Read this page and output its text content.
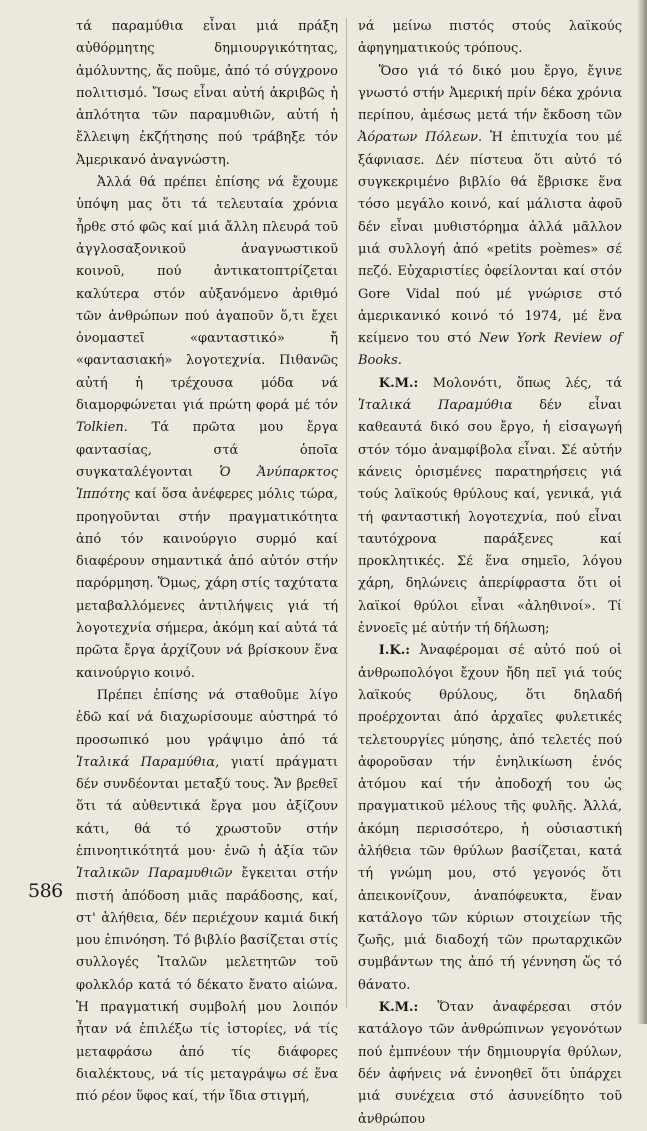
τά παραμύθια εἶναι μιά πράξη αὐθόρμητης δημιουργικότητας, ἀμόλυντης, ἄς ποῦμε, ἀπό τό σύγχρονο πολιτισμό. Ἴσως εἶναι αὐτή ἀκριβῶς ἡ ἁπλότητα τῶν παραμυθιῶν, αὐτή ἡ ἔλλειψη ἐκζήτησης πού τράβηξε τόν Ἀμερικανό ἀναγνώστη.

Ἀλλά θά πρέπει ἐπίσης νά ἔχουμε ὑπόψη μας ὅτι τά τελευταία χρόνια ἦρθε στό φῶς καί μιά ἄλλη πλευρά τοῦ ἀγγλοσαξονικοῦ ἀναγνωστικοῦ κοινοῦ, πού ἀντικατοπτρίζεται καλύτερα στόν αὐξανόμενο ἀριθμό τῶν ἀνθρώπων πού ἀγαποῦν ὅ,τι ἔχει ὀνομαστεῖ «φανταστικό» ἤ «φαντασιακή» λογοτεχνία. Πιθανῶς αὐτή ἡ τρέχουσα μόδα νά διαμορφώνεται γιά πρώτη φορά μέ τόν Tolkien. Τά πρῶτα μου ἔργα φαντασίας, στά ὁποῖα συγκαταλέγονται Ὁ Ἀνύπαρκτος Ἱππότης καί ὅσα ἀνέφερες μόλις τώρα, προηγοῦνται στήν πραγματικότητα ἀπό τόν καινούργιο συρμό καί διαφέρουν σημαντικά ἀπό αὐτόν στήν παρόρμηση. Ὅμως, χάρη στίς ταχύτατα μεταβαλλόμενες ἀντιλήψεις γιά τή λογοτεχνία σήμερα, ἀκόμη καί αὐτά τά πρῶτα ἔργα ἀρχίζουν νά βρίσκουν ἕνα καινούργιο κοινό.

Πρέπει ἐπίσης νά σταθοῦμε λίγο ἐδῶ καί νά διαχωρίσουμε αὐστηρά τό προσωπικό μου γράψιμο ἀπό τά Ἰταλικά Παραμύθια, γιατί πράγματι δέν συνδέονται μεταξύ τους. Ἄν βρεθεῖ ὅτι τά αὐθεντικά ἔργα μου ἀξίζουν κάτι, θά τό χρωστοῦν στήν ἐπινοητικότητά μου· ἐνῶ ἡ ἀξία τῶν Ἰταλικῶν Παραμυθιῶν ἔγκειται στήν πιστή ἀπόδοση μιᾶς παράδοσης, καί, στ' ἀλήθεια, δέν περιέχουν καμιά δική μου ἐπινόηση. Τό βιβλίο βασίζεται στίς συλλογές Ἰταλῶν μελετητῶν τοῦ φολκλόρ κατά τό δέκατο ἔνατο αἰώνα. Ἡ πραγματική συμβολή μου λοιπόν ἦταν νά ἐπιλέξω τίς ἱστορίες, νά τίς μεταφράσω ἀπό τίς διάφορες διαλέκτους, νά τίς μεταγράψω σέ ἕνα πιό ρέον ὕφος καί, τήν ἴδια στιγμή,

νά μείνω πιστός στούς λαϊκούς ἀφηγηματικούς τρόπους.

Ὅσο γιά τό δικό μου ἔργο, ἔγινε γνωστό στήν Ἀμερική πρίν δέκα χρόνια περίπου, ἀμέσως μετά τήν ἔκδοση τῶν Ἀόρατων Πόλεων. Ἡ ἐπιτυχία του μέ ξάφνιασε. Δέν πίστευα ὅτι αὐτό τό συγκεκριμένο βιβλίο θά ἔβρισκε ἕνα τόσο μεγάλο κοινό, καί μάλιστα ἀφοῦ δέν εἶναι μυθιστόρημα ἀλλά μᾶλλον μιά συλλογή ἀπό «petits poèmes» σέ πεζό. Εὐχαριστίες ὀφείλονται καί στόν Gore Vidal πού μέ γνώρισε στό ἀμερικανικό κοινό τό 1974, μέ ἕνα κείμενο του στό New York Review of Books.

Κ.Μ.: Μολονότι, ὅπως λές, τά Ἰταλικά Παραμύθια δέν εἶναι καθεαυτά δικό σου ἔργο, ἡ εἰσαγωγή στόν τόμο ἀναμφίβολα εἶναι. Σέ αὐτήν κάνεις ὁρισμένες παρατηρήσεις γιά τούς λαϊκούς θρύλους καί, γενικά, γιά τή φανταστική λογοτεχνία, πού εἶναι ταυτόχρονα παράξενες καί προκλητικές. Σέ ἕνα σημεῖο, λόγου χάρη, δηλώνεις ἀπερίφραστα ὅτι οἱ λαϊκοί θρύλοι εἶναι «ἀληθινοί». Τί ἐννοεῖς μέ αὐτήν τή δήλωση;

Ι.Κ.: Ἀναφέρομαι σέ αὐτό πού οἱ ἀνθρωπολόγοι ἔχουν ἤδη πεῖ γιά τούς λαϊκούς θρύλους, ὅτι δηλαδή προέρχονται ἀπό ἀρχαῖες φυλετικές τελετουργίες μύησης, ἀπό τελετές πού ἀφοροῦσαν τήν ἐνηλικίωση ἑνός ἀτόμου καί τήν ἀποδοχή του ὡς πραγματικοῦ μέλους τῆς φυλῆς. Ἀλλά, ἀκόμη περισσότερο, ἡ οὐσιαστική ἀλήθεια τῶν θρύλων βασίζεται, κατά τή γνώμη μου, στό γεγονός ὅτι ἀπεικονίζουν, ἀναπόφευκτα, ἕναν κατάλογο τῶν κύριων στοιχείων τῆς ζωῆς, μιά διαδοχή τῶν πρωταρχικῶν συμβάντων της ἀπό τή γέννηση ὥς τό θάνατο.

Κ.Μ.: Ὅταν ἀναφέρεσαι στόν κατάλογο τῶν ἀνθρώπινων γεγονότων πού ἐμπνέουν τήν δημιουργία θρύλων, δέν ἀφήνεις νά ἐννοηθεῖ ὅτι ὑπάρχει μιά συνέχεια στό ἀσυνείδητο τοῦ ἀνθρώπου

586
